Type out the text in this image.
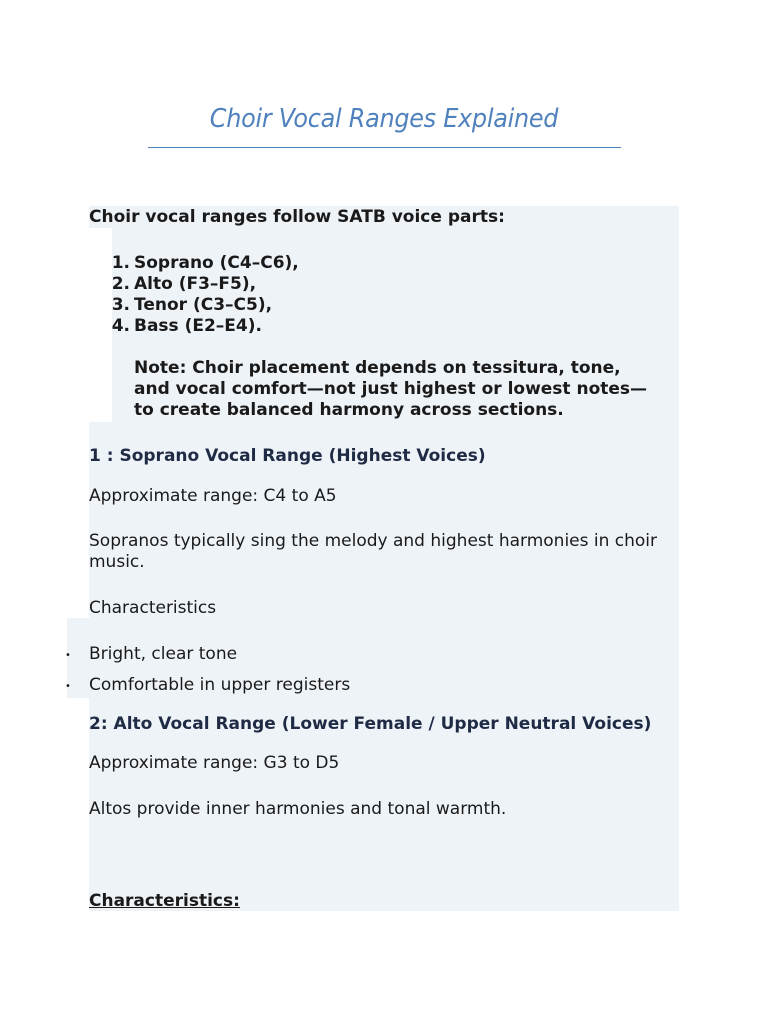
Choir Vocal Ranges Explained
Choir vocal ranges follow SATB voice parts:
1. Soprano (C4–C6),
2. Alto (F3–F5),
3. Tenor (C3–C5),
4. Bass (E2–E4).
Note: Choir placement depends on tessitura, tone,
and vocal comfort—not just highest or lowest notes—
to create balanced harmony across sections.
1 : Soprano Vocal Range (Highest Voices)
Approximate range: C4 to A5
Sopranos typically sing the melody and highest harmonies in choir
music.
Characteristics
• Bright, clear tone
• Comfortable in upper registers
2: Alto Vocal Range (Lower Female / Upper Neutral Voices)
Approximate range: G3 to D5
Altos provide inner harmonies and tonal warmth.
Characteristics:
